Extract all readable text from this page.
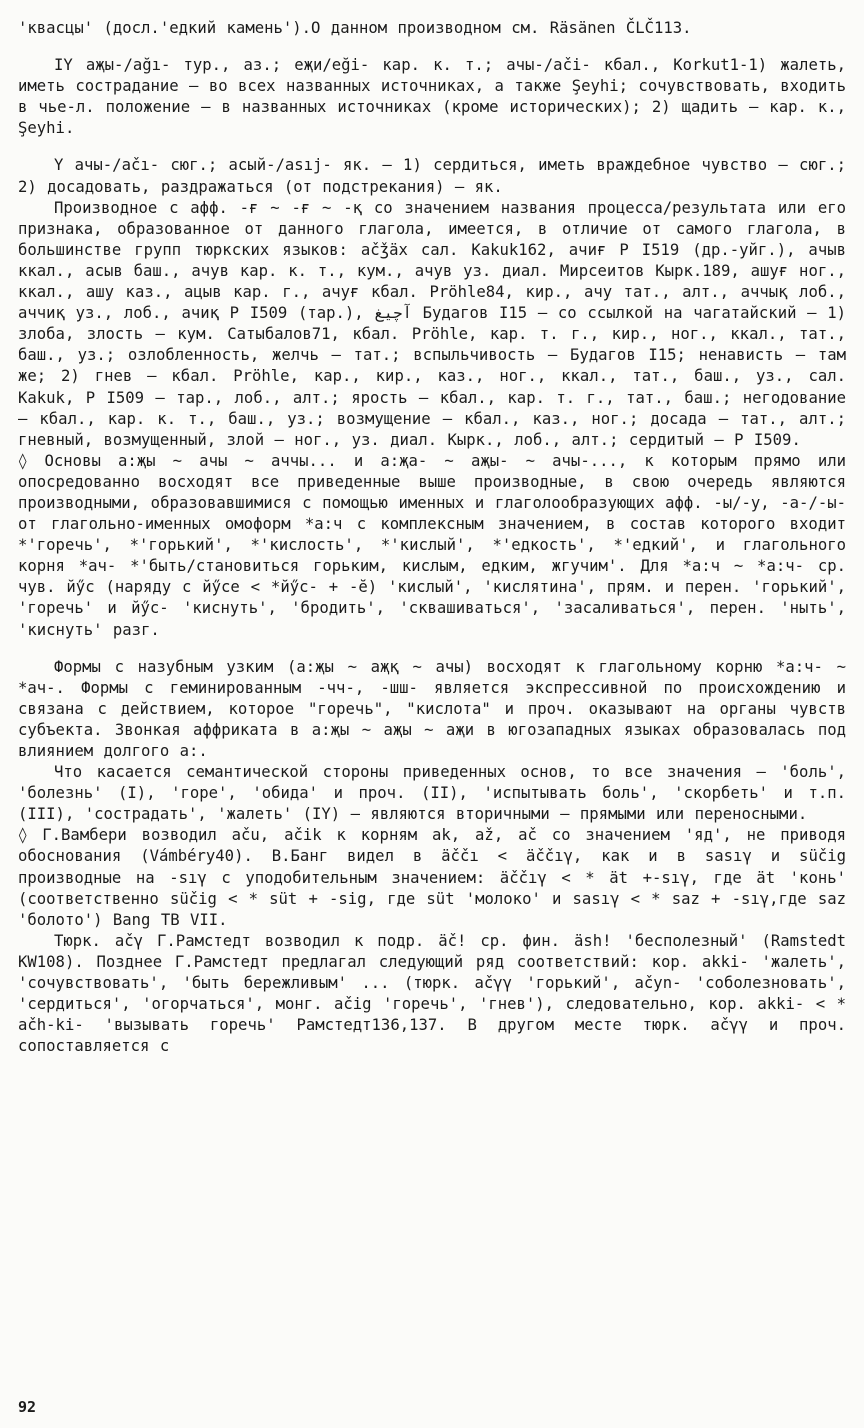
'квасцы' (досл.'едкий камень').О данном производном см. Räsänen ČLČ113.

IY аҗы-/ağı- тур., аз.; еҗи/eği- кар. к. т.; ачы-/ači- кбал., Korkut1-1) жалеть, иметь сострадание – во всех названных источниках, а также Şeyhi; сочувствовать, входить в чье-л. положение – в названных источниках (кроме исторических); 2) щадить – кар. к., Şeyhi.

Y ачы-/ačı- сюг.; асый-/asıj- як. – 1) сердиться, иметь враждебное чувство – сюг.; 2) досадовать, раздражаться (от подстрекания) – як.

Производное с афф. -ғ ~ -ғ ~ -қ со значением названия процесса/результата или его признака, образованное от данного глагола, имеется, в отличие от самого глагола, в большинстве групп тюркских языков: ačǯäx сал. Kakuk162, ачиғ Р I519 (др.-уйг.), ачыв ккал., асыв баш., ачув кар. к. т., кум., ачув уз. диал. Мирсеитов Кырк.189, ашуғ ног., ккал., ашу каз., ацыв кар. г., ачуғ кбал. Pröhle84, кир., ачу тат., алт., аччық лоб., аччиқ уз., лоб., ачиқ Р I509 (тар.), آچيغ Будагов I15 – со ссылкой на чагатайский – 1) злоба, злость – кум. Сатыбалов71, кбал. Pröhle, кар. т. г., кир., ног., ккал., тат., баш., уз.; озлобленность, желчь – тат.; вспыльчивость – Будагов I15; ненависть – там же; 2) гнев – кбал. Pröhle, кар., кир., каз., ног., ккал., тат., баш., уз., сал. Kakuk, Р I509 – тар., лоб., алт.; ярость – кбал., кар. т. г., тат., баш.; негодование – кбал., кар. к. т., баш., уз.; возмущение – кбал., каз., ног.; досада – тат., алт.; гневный, возмущенный, злой – ног., уз. диал. Кырк., лоб., алт.; сердитый – Р I509.

◊ Основы а:җы ~ ачы ~ аччы... и а:җа- ~ аҗы- ~ ачы-..., к которым прямо или опосредованно восходят все приведенные выше производные, в свою очередь являются производными, образовавшимися с помощью именных и глаголообразующих афф. -ы/-у, -а-/-ы- от глагольно-именных омоформ *а:ч с комплексным значением, в состав которого входит *'горечь', *'горький', *'кислость', *'кислый', *'едкость', *'едкий', и глагольного корня *ач- *'быть/становиться горьким, кислым, едким, жгучим'. Для *а:ч ~ *а:ч- ср. чув. йӳс (наряду с йӳсе < *йӳс- + -ӗ) 'кислый', 'кислятина', прям. и перен. 'горький', 'горечь' и йӳс- 'киснуть', 'бродить', 'сквашиваться', 'засаливаться', перен. 'ныть', 'киснуть' разг.

Формы с назубным узким (а:җы ~ аҗқ ~ ачы) восходят к глагольному корню *а:ч- ~ *ач-. Формы с геминированным -чч-, -шш- является экспрессивной по происхождению и связана с действием, которое "горечь", "кислота" и проч. оказывают на органы чувств субъекта. Звонкая аффриката в а:җы ~ аҗы ~ аҗи в югозападных языках образовалась под влиянием долгого а:.

Что касается семантической стороны приведенных основ, то все значения – 'боль', 'болезнь' (I), 'горе', 'обида' и проч. (II), 'испытывать боль', 'скорбеть' и т.п. (III), 'сострадать', 'жалеть' (IY) – являются вторичными – прямыми или переносными.

◊ Г.Вамбери возводил aču, ačik к корням ak, až, ač со значением 'яд', не приводя обоснования (Vámbéry40). В.Банг видел в äččı < äččıγ, как и в sasıγ и süčig производные на -sıγ с уподобительным значением: äččıγ < * ät +-sıγ, где ät 'конь' (соответственно süčig < * süt + -sig, где süt 'молоко' и sasıγ < * saz + -sıγ,где saz 'болото') Bang TB VII.

Тюрк. ačγ Г.Рамстедт возводил к подр. äč! ср. фин. äsh! 'бесполезный' (Ramstedt KW108). Позднее Г.Рамстедт предлагал следующий ряд соответствий: кор. akki- 'жалеть', 'сочувствовать', 'быть бережливым' ... (тюрк. ačγγ 'горький', ačyn- 'соболезновать', 'сердиться', 'огорчаться', монг. ačig 'горечь', 'гнев'), следовательно, кор. akki- < * ačh-ki- 'вызывать горечь' Рамстедт136,137. В другом месте тюрк. ačγγ и проч. сопоставляется с

92
